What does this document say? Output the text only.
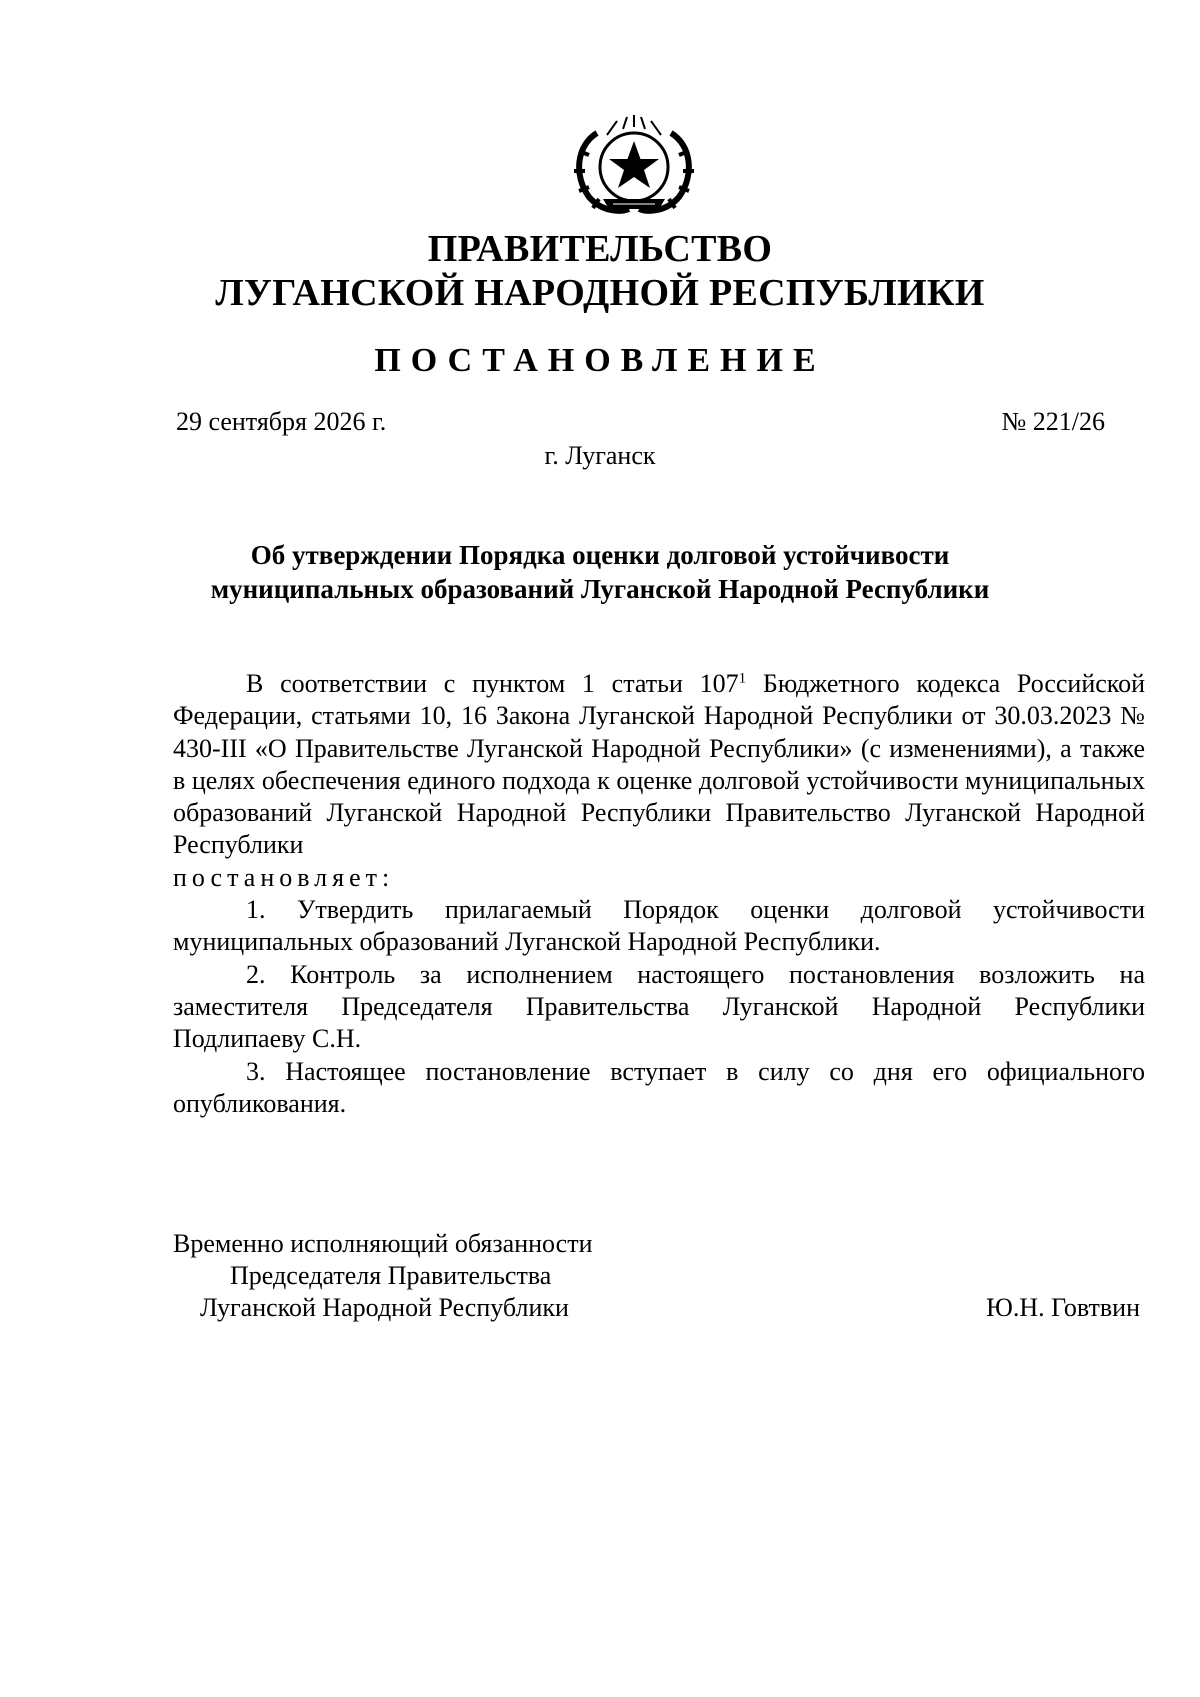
ПРАВИТЕЛЬСТВО
ЛУГАНСКОЙ НАРОДНОЙ РЕСПУБЛИКИ
ПОСТАНОВЛЕНИЕ
29 сентября 2026 г.	№ 221/26
г. Луганск
Об утверждении Порядка оценки долговой устойчивости
муниципальных образований Луганской Народной Республики

В соответствии с пунктом 1 статьи $107^1$ Бюджетного кодекса Российской Федерации, статьями 10, 16 Закона Луганской Народной Республики от 30.03.2023 № 430-III «О Правительстве Луганской Народной Республики» (с изменениями), а также в целях обеспечения единого подхода к оценке долговой устойчивости муниципальных образований Луганской Народной Республики Правительство Луганской Народной Республики

постановляет:

1. Утвердить прилагаемый Порядок оценки долговой устойчивости муниципальных образований Луганской Народной Республики.

2. Контроль за исполнением настоящего постановления возложить на заместителя Председателя Правительства Луганской Народной Республики Подлипаеву С.Н.

3. Настоящее постановление вступает в силу со дня его официального опубликования.

Временно исполняющий обязанности
Председателя Правительства
Луганской Народной Республики	Ю.Н. Говтвин
